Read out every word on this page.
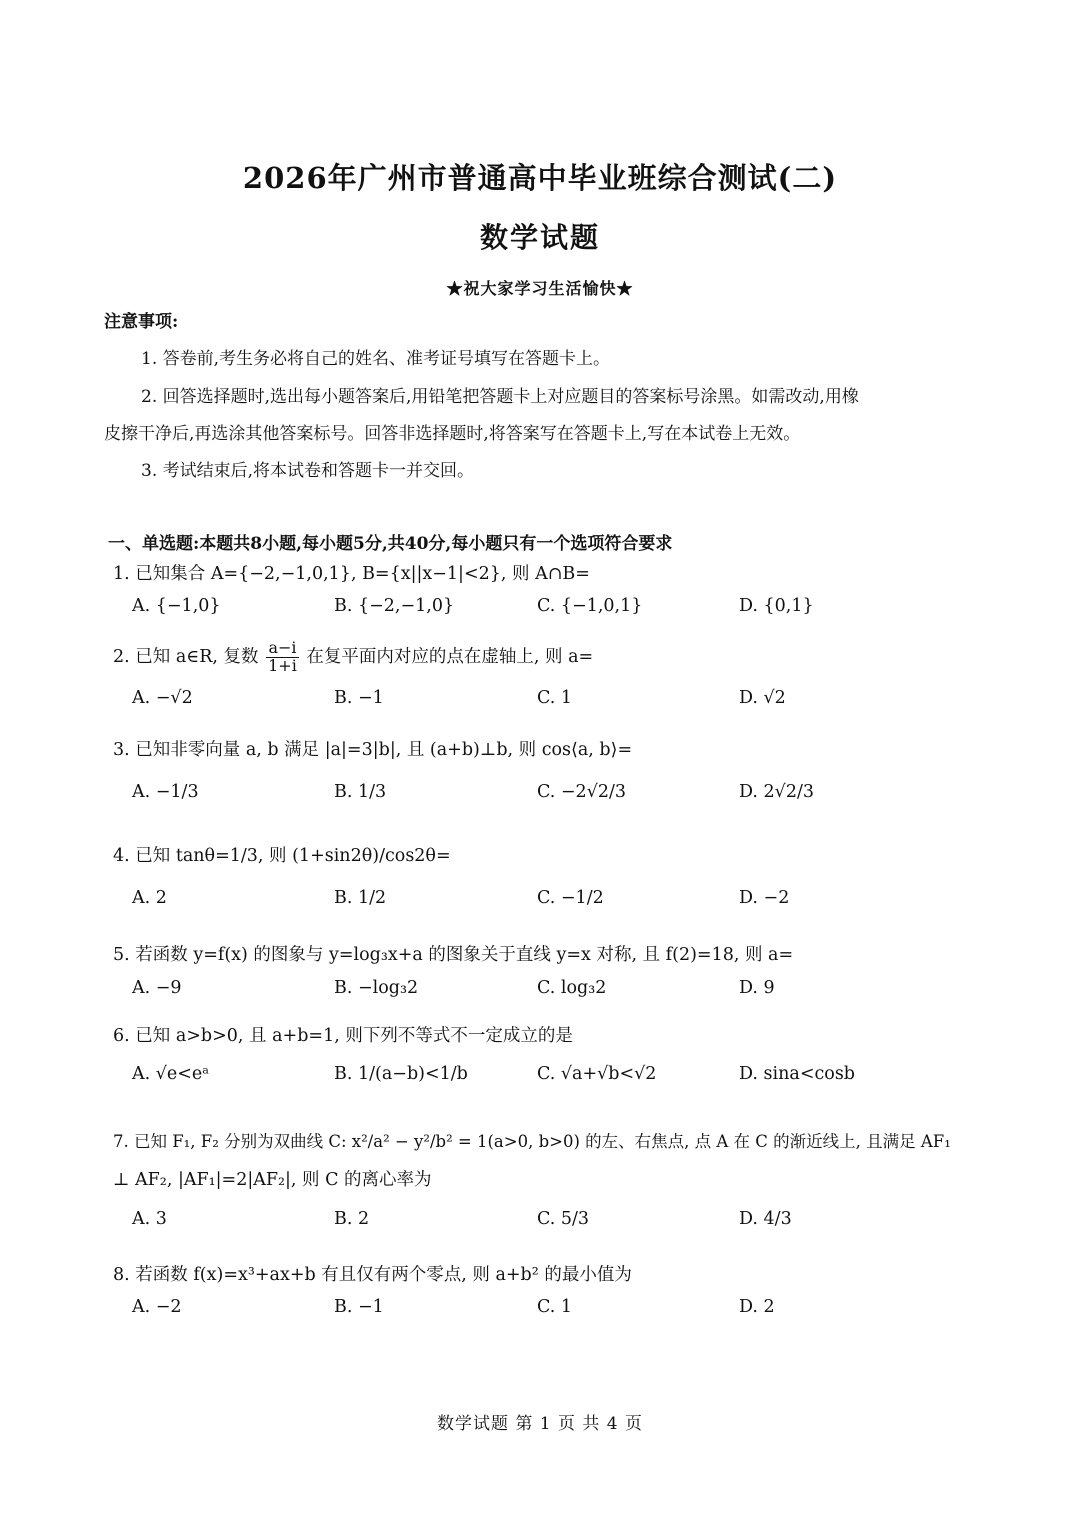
2026年广州市普通高中毕业班综合测试(二)
数学试题
★祝大家学习生活愉快★
注意事项:
1. 答卷前,考生务必将自己的姓名、准考证号填写在答题卡上。
2. 回答选择题时,选出每小题答案后,用铅笔把答题卡上对应题目的答案标号涂黑。如需改动,用橡
皮擦干净后,再选涂其他答案标号。回答非选择题时,将答案写在答题卡上,写在本试卷上无效。
3. 考试结束后,将本试卷和答题卡一并交回。
一、单选题:本题共8小题,每小题5分,共40分,每小题只有一个选项符合要求
1. 已知集合 A={−2,−1,0,1}, B={x||x−1|<2}, 则 A∩B=
A. {−1,0}	B. {−2,−1,0}	C. {−1,0,1}	D. {0,1}
2. 已知 a∈R, 复数 $\frac{a-i}{1+i}$ 在复平面内对应的点在虚轴上, 则 a=
A. −√2	B. −1	C. 1	D. √2
3. 已知非零向量 a, b 满足 |a|=3|b|, 且 (a+b)⊥b, 则 cos⟨a, b⟩=
A. −1/3	B. 1/3	C. −2√2/3	D. 2√2/3
4. 已知 tanθ=1/3, 则 (1+sin2θ)/cos2θ=
A. 2	B. 1/2	C. −1/2	D. −2
5. 若函数 y=f(x) 的图象与 y=log₃x+a 的图象关于直线 y=x 对称, 且 f(2)=18, 则 a=
A. −9	B. −log₃2	C. log₃2	D. 9
6. 已知 a>b>0, 且 a+b=1, 则下列不等式不一定成立的是
A. √e<eᵃ	B. 1/(a−b)<1/b	C. √a+√b<√2	D. sina<cosb
7. 已知 F₁, F₂ 分别为双曲线 C: x²/a² − y²/b² = 1(a>0, b>0) 的左、右焦点, 点 A 在 C 的渐近线上, 且满足 AF₁
⊥ AF₂, |AF₁|=2|AF₂|, 则 C 的离心率为
A. 3	B. 2	C. 5/3	D. 4/3
8. 若函数 f(x)=x³+ax+b 有且仅有两个零点, 则 a+b² 的最小值为
A. −2	B. −1	C. 1	D. 2
数学试题 第 1 页 共 4 页
